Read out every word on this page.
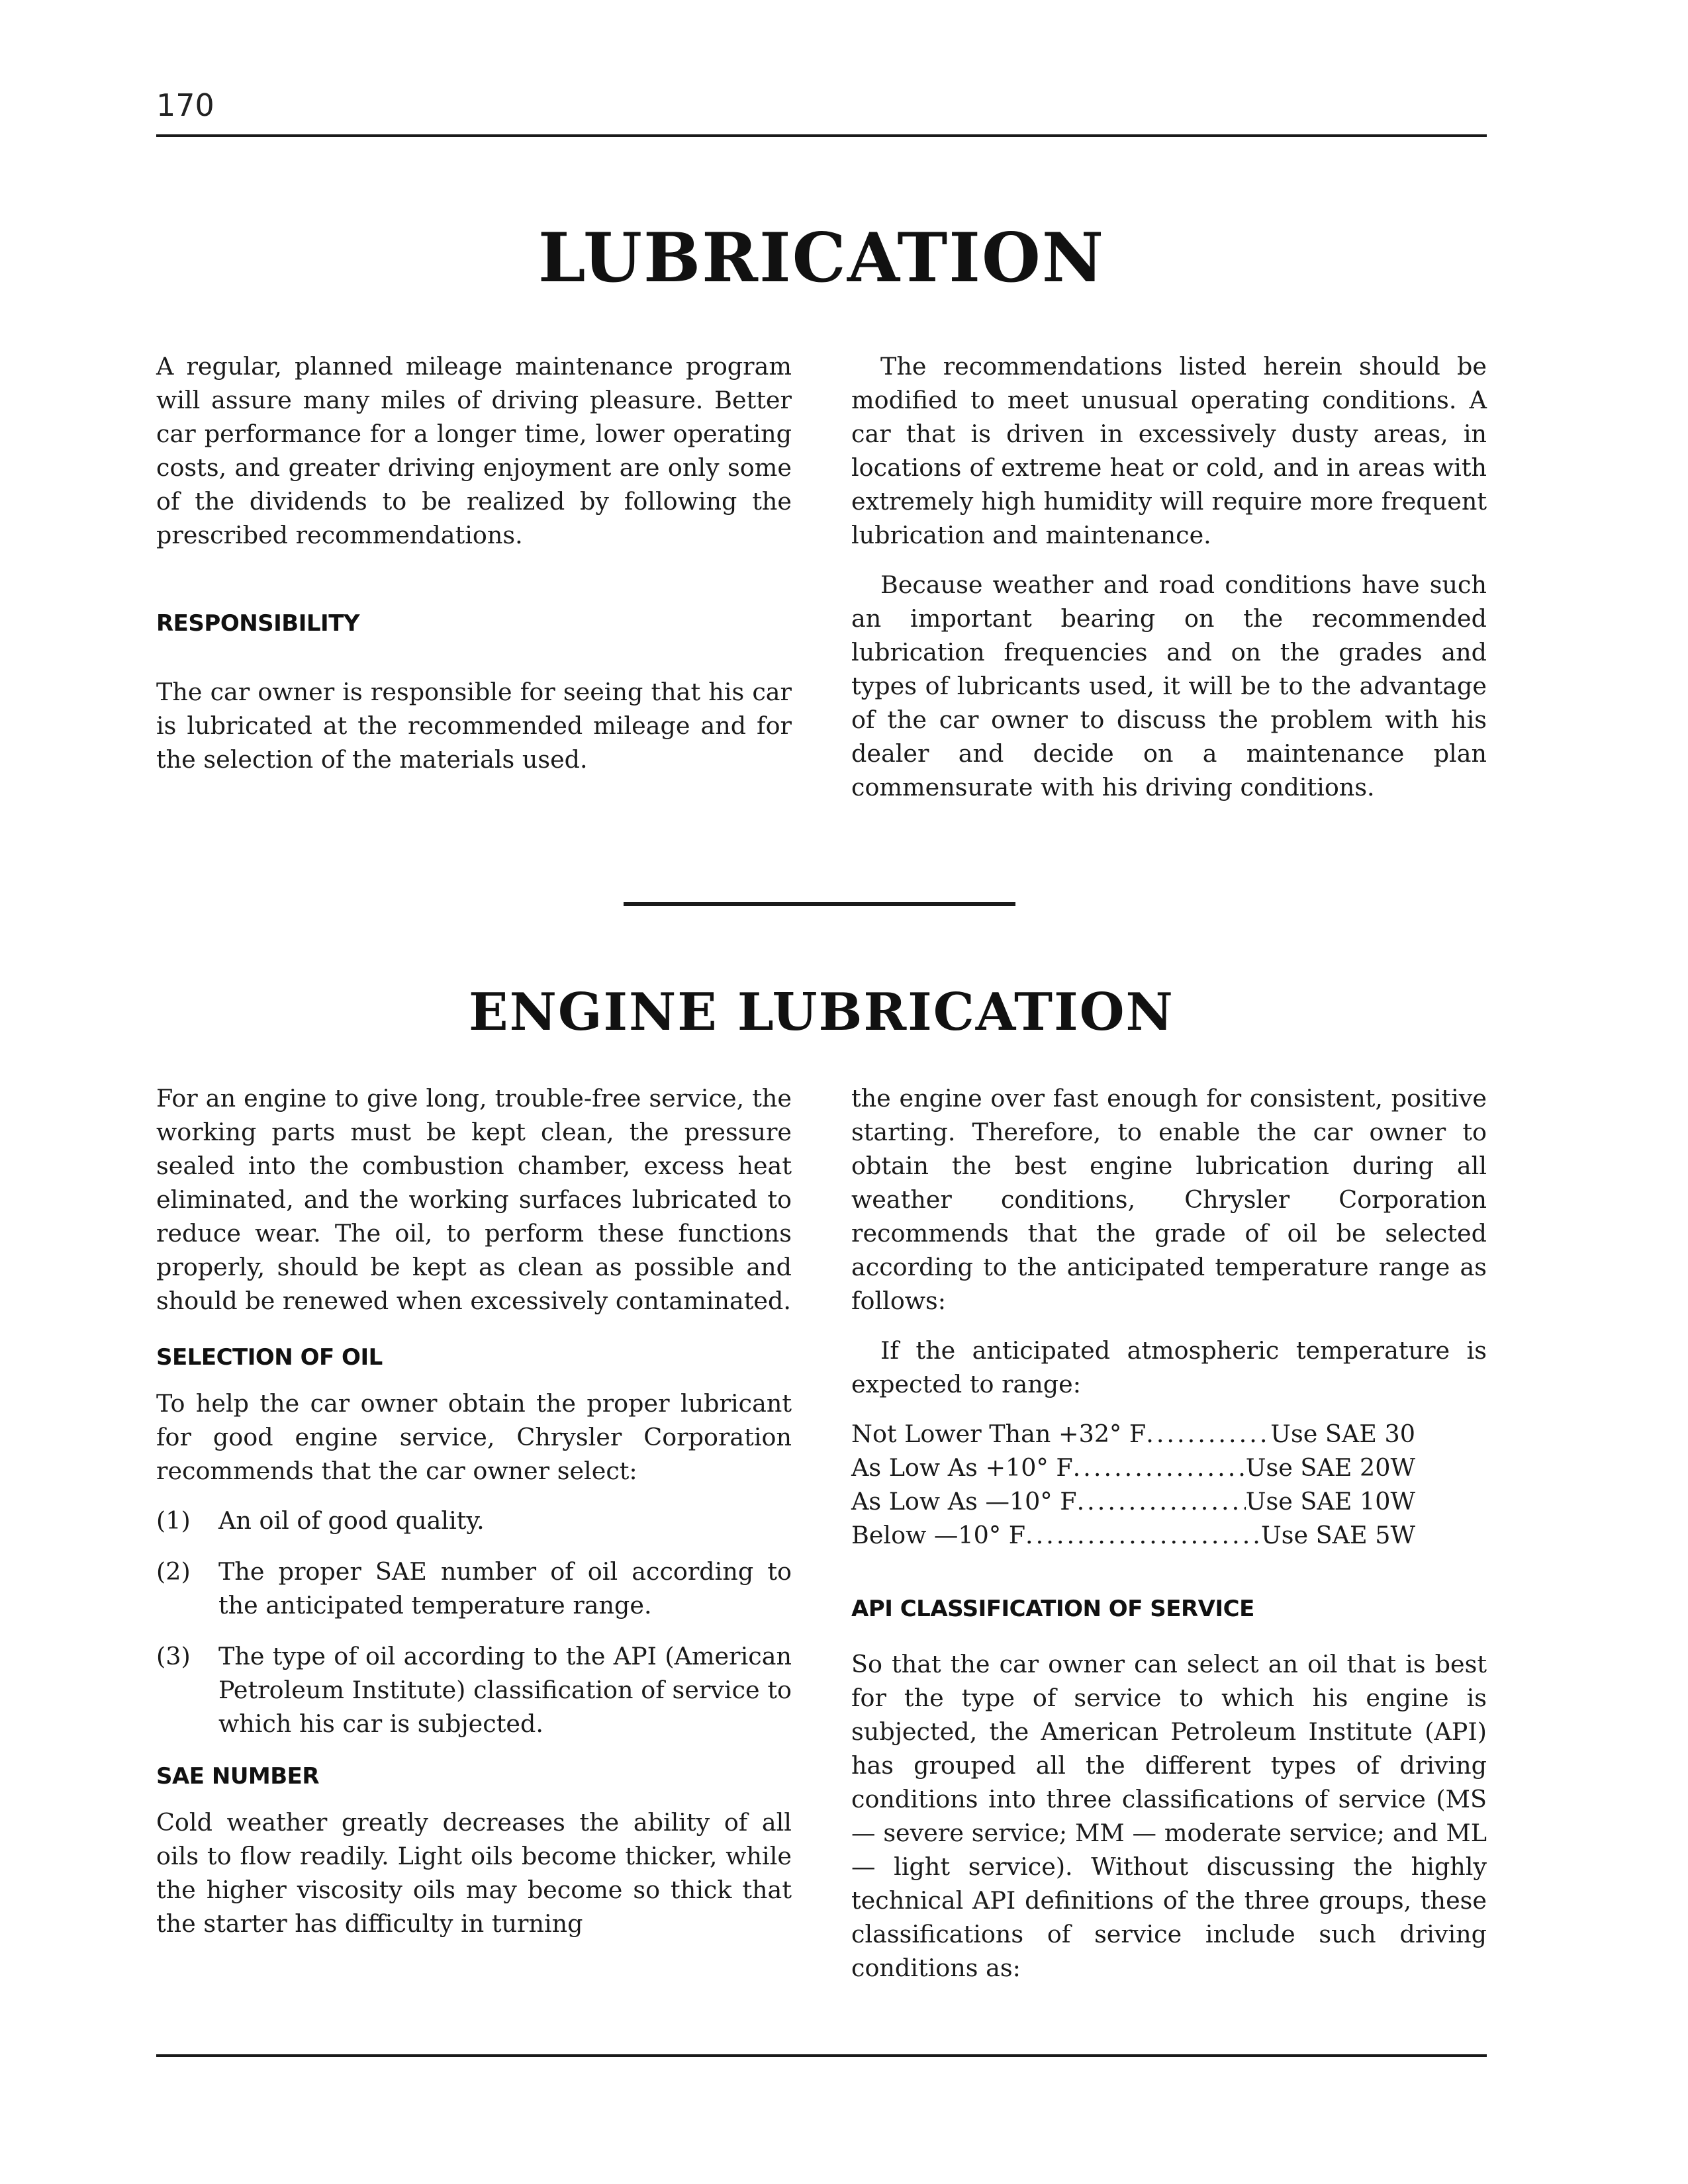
170
LUBRICATION

A regular, planned mileage maintenance program will assure many miles of driving pleasure. Better car performance for a longer time, lower operating costs, and greater driving enjoyment are only some of the dividends to be realized by following the prescribed recommendations.

RESPONSIBILITY

The car owner is responsible for seeing that his car is lubricated at the recommended mileage and for the selection of the materials used.

The recommendations listed herein should be modified to meet unusual operating conditions. A car that is driven in excessively dusty areas, in locations of extreme heat or cold, and in areas with extremely high humidity will require more frequent lubrication and maintenance.

Because weather and road conditions have such an important bearing on the recommended lubrication frequencies and on the grades and types of lubricants used, it will be to the advantage of the car owner to discuss the problem with his dealer and decide on a maintenance plan commensurate with his driving conditions.

ENGINE LUBRICATION

For an engine to give long, trouble-free service, the working parts must be kept clean, the pressure sealed into the combustion chamber, excess heat eliminated, and the working surfaces lubricated to reduce wear. The oil, to perform these functions properly, should be kept as clean as possible and should be renewed when excessively contaminated.

SELECTION OF OIL

To help the car owner obtain the proper lubricant for good engine service, Chrysler Corporation recommends that the car owner select:

(1) An oil of good quality.
(2) The proper SAE number of oil according to the anticipated temperature range.
(3) The type of oil according to the API (American Petroleum Institute) classification of service to which his car is subjected.
SAE NUMBER

Cold weather greatly decreases the ability of all oils to flow readily. Light oils become thicker, while the higher viscosity oils may become so thick that the starter has difficulty in turning

the engine over fast enough for consistent, positive starting. Therefore, to enable the car owner to obtain the best engine lubrication during all weather conditions, Chrysler Corporation recommends that the grade of oil be selected according to the anticipated temperature range as follows:

If the anticipated atmospheric temperature is expected to range:

Not Lower Than +32° F .....	Use SAE 30
As Low As +10° F .....	Use SAE 20W
As Low As —10° F .....	Use SAE 10W
Below —10° F .....	Use SAE 5W
API CLASSIFICATION OF SERVICE

So that the car owner can select an oil that is best for the type of service to which his engine is subjected, the American Petroleum Institute (API) has grouped all the different types of driving conditions into three classifications of service (MS — severe service; MM — moderate service; and ML — light service). Without discussing the highly technical API definitions of the three groups, these classifications of service include such driving conditions as:
